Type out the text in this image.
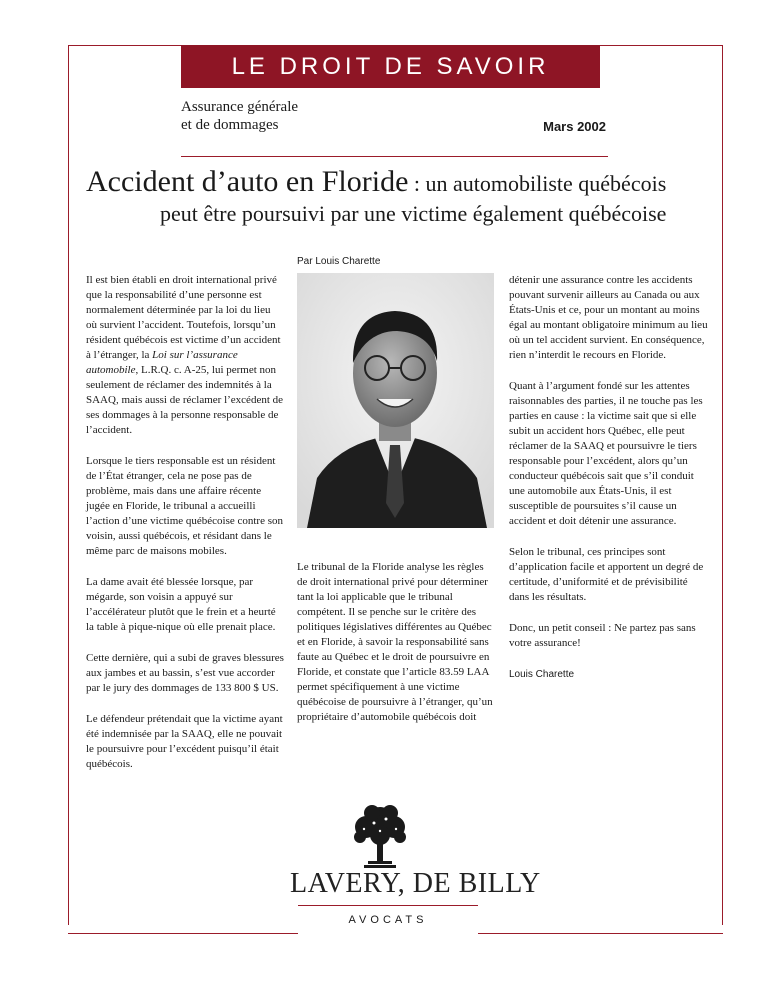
LE DROIT DE SAVOIR
Assurance générale
et de dommages	Mars 2002
Accident d’auto en Floride : un automobiliste québécois
peut être poursuivi par une victime également québécoise
Par Louis Charette

Il est bien établi en droit international privé que la responsabilité d’une personne est normalement déterminée par la loi du lieu où survient l’accident. Toutefois, lorsqu’un résident québécois est victime d’un accident à l’étranger, la Loi sur l’assurance automobile, L.R.Q. c. A-25, lui permet non seulement de réclamer des indemnités à la SAAQ, mais aussi de réclamer l’excédent de ses dommages à la personne responsable de l’accident.

Lorsque le tiers responsable est un résident de l’État étranger, cela ne pose pas de problème, mais dans une affaire récente jugée en Floride, le tribunal a accueilli l’action d’une victime québécoise contre son voisin, aussi québécois, et résidant dans le même parc de maisons mobiles.

La dame avait été blessée lorsque, par mégarde, son voisin a appuyé sur l’accélérateur plutôt que le frein et a heurté la table à pique-nique où elle prenait place.

Cette dernière, qui a subi de graves blessures aux jambes et au bassin, s’est vue accorder par le jury des dommages de 133 800 $ US.

Le défendeur prétendait que la victime ayant été indemnisée par la SAAQ, elle ne pouvait le poursuivre pour l’excédent puisqu’il était québécois.

Le tribunal de la Floride analyse les règles de droit international privé pour déterminer tant la loi applicable que le tribunal compétent. Il se penche sur le critère des politiques législatives différentes au Québec et en Floride, à savoir la responsabilité sans faute au Québec et le droit de poursuivre en Floride, et constate que l’article 83.59 LAA permet spécifiquement à une victime québécoise de poursuivre à l’étranger, qu’un propriétaire d’automobile québécois doit

détenir une assurance contre les accidents pouvant survenir ailleurs au Canada ou aux États-Unis et ce, pour un montant au moins égal au montant obligatoire minimum au lieu où un tel accident survient. En conséquence, rien n’interdit le recours en Floride.

Quant à l’argument fondé sur les attentes raisonnables des parties, il ne touche pas les parties en cause : la victime sait que si elle subit un accident hors Québec, elle peut réclamer de la SAAQ et poursuivre le tiers responsable pour l’excédent, alors qu’un conducteur québécois sait que s’il conduit une automobile aux États-Unis, il est susceptible de poursuites s’il cause un accident et doit détenir une assurance.

Selon le tribunal, ces principes sont d’application facile et apportent un degré de certitude, d’uniformité et de prévisibilité dans les résultats.

Donc, un petit conseil : Ne partez pas sans votre assurance!

Louis Charette

LAVERY, DE BILLY
AVOCATS
